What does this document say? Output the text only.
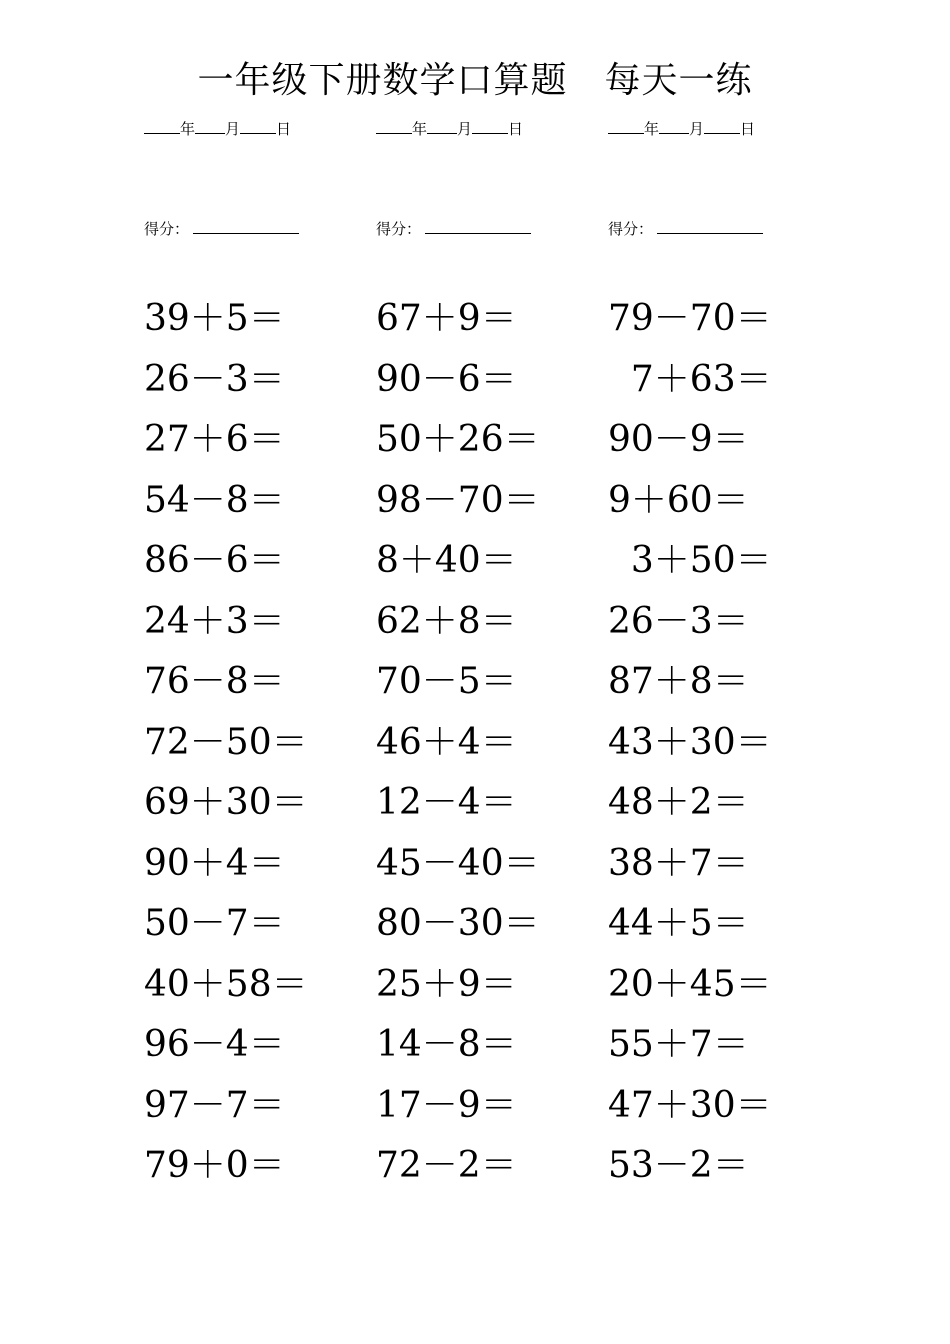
一年级下册数学口算题　每天一练
年 月 日
得分：
39＋5＝
26－3＝
27＋6＝
54－8＝
86－6＝
24＋3＝
76－8＝
72－50＝
69＋30＝
90＋4＝
50－7＝
40＋58＝
96－4＝
97－7＝
79＋0＝
年 月 日
得分：
67＋9＝
90－6＝
50＋26＝
98－70＝
8＋40＝
62＋8＝
70－5＝
46＋4＝
12－4＝
45－40＝
80－30＝
25＋9＝
14－8＝
17－9＝
72－2＝
年 月 日
得分：
79－70＝
7＋63＝
90－9＝
9＋60＝
3＋50＝
26－3＝
87＋8＝
43＋30＝
48＋2＝
38＋7＝
44＋5＝
20＋45＝
55＋7＝
47＋30＝
53－2＝
